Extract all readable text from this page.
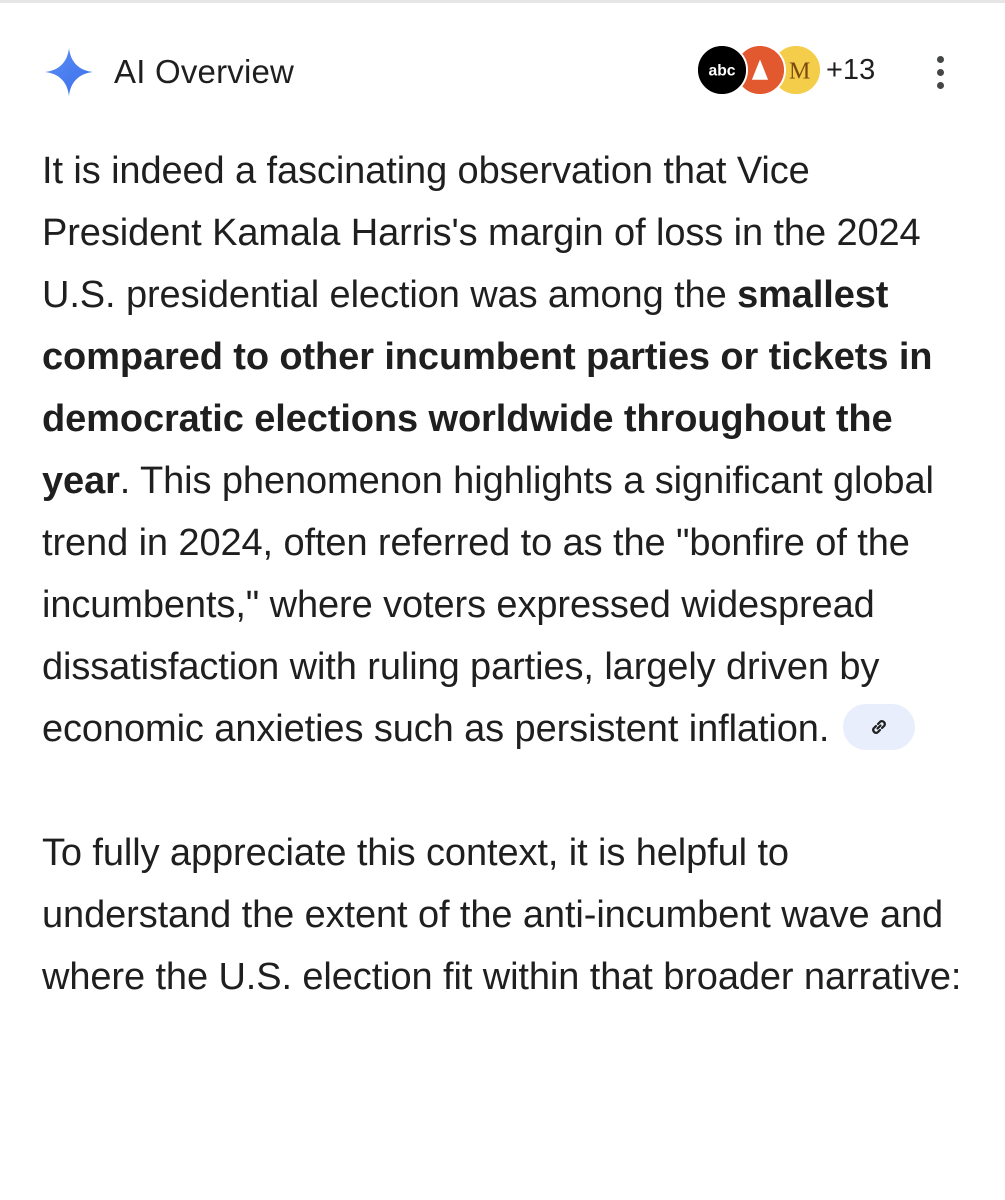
AI Overview	abc M +13

It is indeed a fascinating observation that Vice President Kamala Harris's margin of loss in the 2024 U.S. presidential election was among the smallest compared to other incumbent parties or tickets in democratic elections worldwide throughout the year. This phenomenon highlights a significant global trend in 2024, often referred to as the "bonfire of the incumbents," where voters expressed widespread dissatisfaction with ruling parties, largely driven by economic anxieties such as persistent inflation.

To fully appreciate this context, it is helpful to understand the extent of the anti-incumbent wave and where the U.S. election fit within that broader narrative:
